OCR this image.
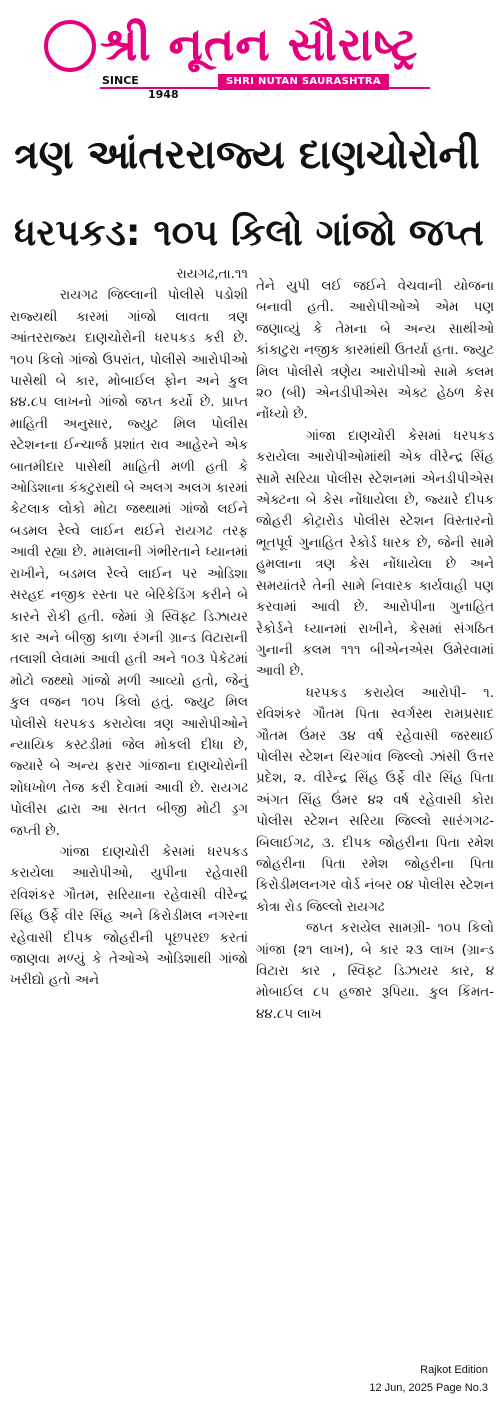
શ્રી નૂતન સૌરાષ્ટ્ર
SINCE
1948
SHRI NUTAN SAURASHTRA
ત્રણ આંતરરાજ્ય દાણચોરોની
ધરપકડ: ૧૦૫ કિલો ગાંજો જપ્ત

રાયગઢ,તા.૧૧

રાયગઢ જિલ્લાની પોલીસે પડોશી રાજ્યથી કારમાં ગાંજો લાવતા ત્રણ આંતરરાજ્ય દાણચોરોની ધરપકડ કરી છે. ૧૦૫ કિલો ગાંજો ઉપરાંત, પોલીસે આરોપીઓ પાસેથી બે કાર, મોબાઈલ ફોન અને કુલ ૪૪.૮૫ લાખનો ગાંજો જપ્ત કર્યો છે. પ્રાપ્ત માહિતી અનુસાર, જ્યુટ મિલ પોલીસ સ્ટેશનના ઈન્ચાર્જ પ્રશાંત રાવ આહેરને એક બાતમીદાર પાસેથી માહિતી મળી હતી કે ઓડિશાના કંકટુરાથી બે અલગ અલગ કારમાં કેટલાક લોકો મોટા જથ્થામાં ગાંજો લઈને બડમલ રેલ્વે લાઈન થઈને રાયગઢ તરફ આવી રહ્યા છે. મામલાની ગંભીરતાને ધ્યાનમાં રાખીને, બડમલ રેલ્વે લાઈન પર ઓડિશા સરહદ નજીક રસ્તા પર બેરિકેડિંગ કરીને બે કારને રોકી હતી. જેમાં ગ્રે સ્વિફ્ટ ડિઝાયર કાર અને બીજી કાળા રંગની ગ્રાન્ડ વિટારાની તલાશી લેવામાં આવી હતી અને ૧૦૩ પેકેટમાં મોટો જથ્થો ગાંજો મળી આવ્યો હતો, જેનું કુલ વજન ૧૦૫ કિલો હતું. જ્યુટ મિલ પોલીસે ધરપકડ કરાયેલા ત્રણ આરોપીઓને ન્યાયિક કસ્ટડીમાં જેલ મોકલી દીધા છે, જ્યારે બે અન્ય ફરાર ગાંજાના દાણચોરોની શોધખોળ તેજ કરી દેવામાં આવી છે. રાયગઢ પોલીસ દ્વારા આ સતત બીજી મોટી ડ્રગ જપ્તી છે.

ગાંજા દાણચોરી કેસમાં ધરપકડ કરાયેલા આરોપીઓ, યુપીના રહેવાસી રવિશંકર ગૌતમ, સરિયાના રહેવાસી વીરેન્દ્ર સિંહ ઉર્ફે વીર સિંહ અને કિરોડીમલ નગરના રહેવાસી દીપક જોહરીની પૂછપરછ કરતાં જાણવા મળ્યું કે તેઓએ ઓડિશાથી ગાંજો ખરીદ્યો હતો અને

તેને યુપી લઈ જઈને વેચવાની યોજના બનાવી હતી. આરોપીઓએ એમ પણ જણાવ્યું કે તેમના બે અન્ય સાથીઓ કાંકાટુરા નજીક કારમાંથી ઉતર્યા હતા. જ્યુટ મિલ પોલીસે ત્રણેય આરોપીઓ સામે કલમ ૨૦ (બી) એનડીપીએસ એક્ટ હેઠળ કેસ નોંધ્યો છે.

ગાંજા દાણચોરી કેસમાં ધરપકડ કરાયેલા આરોપીઓમાંથી એક વીરેન્દ્ર સિંહ સામે સરિયા પોલીસ સ્ટેશનમાં એનડીપીએસ એક્ટના બે કેસ નોંધાયેલા છે, જ્યારે દીપક જોહરી કોટ્રારોડ પોલીસ સ્ટેશન વિસ્તારનો ભૂતપૂર્વ ગુનાહિત રેકોર્ડ ધારક છે, જેની સામે હુમલાના ત્રણ કેસ નોંધાયેલા છે અને સમયાંતરે તેની સામે નિવારક કાર્યવાહી પણ કરવામાં આવી છે. આરોપીના ગુનાહિત રેકોર્ડને ધ્યાનમાં રાખીને, કેસમાં સંગઠિત ગુનાની કલમ ૧૧૧ બીએનએસ ઉમેરવામાં આવી છે.

ધરપકડ કરાયેલ આરોપી- ૧. રવિશંકર ગૌતમ પિતા સ્વર્ગસ્થ રામપ્રસાદ ગૌતમ ઉંમર ૩૪ વર્ષ રહેવાસી જરથાઈ પોલીસ સ્ટેશન ચિરગાંવ જિલ્લો ઝાંસી ઉત્તર પ્રદેશ, ૨. વીરેન્દ્ર સિંહ ઉર્ફે વીર સિંહ પિતા અંગત સિંહ ઉંમર ૪૨ વર્ષ રહેવાસી કોરા પોલીસ સ્ટેશન સરિયા જિલ્લો સારંગગઢ-બિલાઈગઢ, ૩. દીપક જોહરીના પિતા રમેશ જોહરીના પિતા રમેશ જોહરીના પિતા કિરોડીમલનગર વોર્ડ નંબર ૦૪ પોલીસ સ્ટેશન કોત્રા રોડ જિલ્લો રાયગઢ

જપ્ત કરાયેલ સામગ્રી- ૧૦૫ કિલો ગાંજા (૨૧ લાખ), બે કાર ૨૩ લાખ (ગ્રાન્ડ વિટારા કાર , સ્વિફ્ટ ડિઝાયર કાર, ૪ મોબાઈલ ૮૫ હજાર રૂપિયા. કુલ કિંમત- ૪૪.૮૫ લાખ

Rajkot Edition
12 Jun, 2025 Page No.3
